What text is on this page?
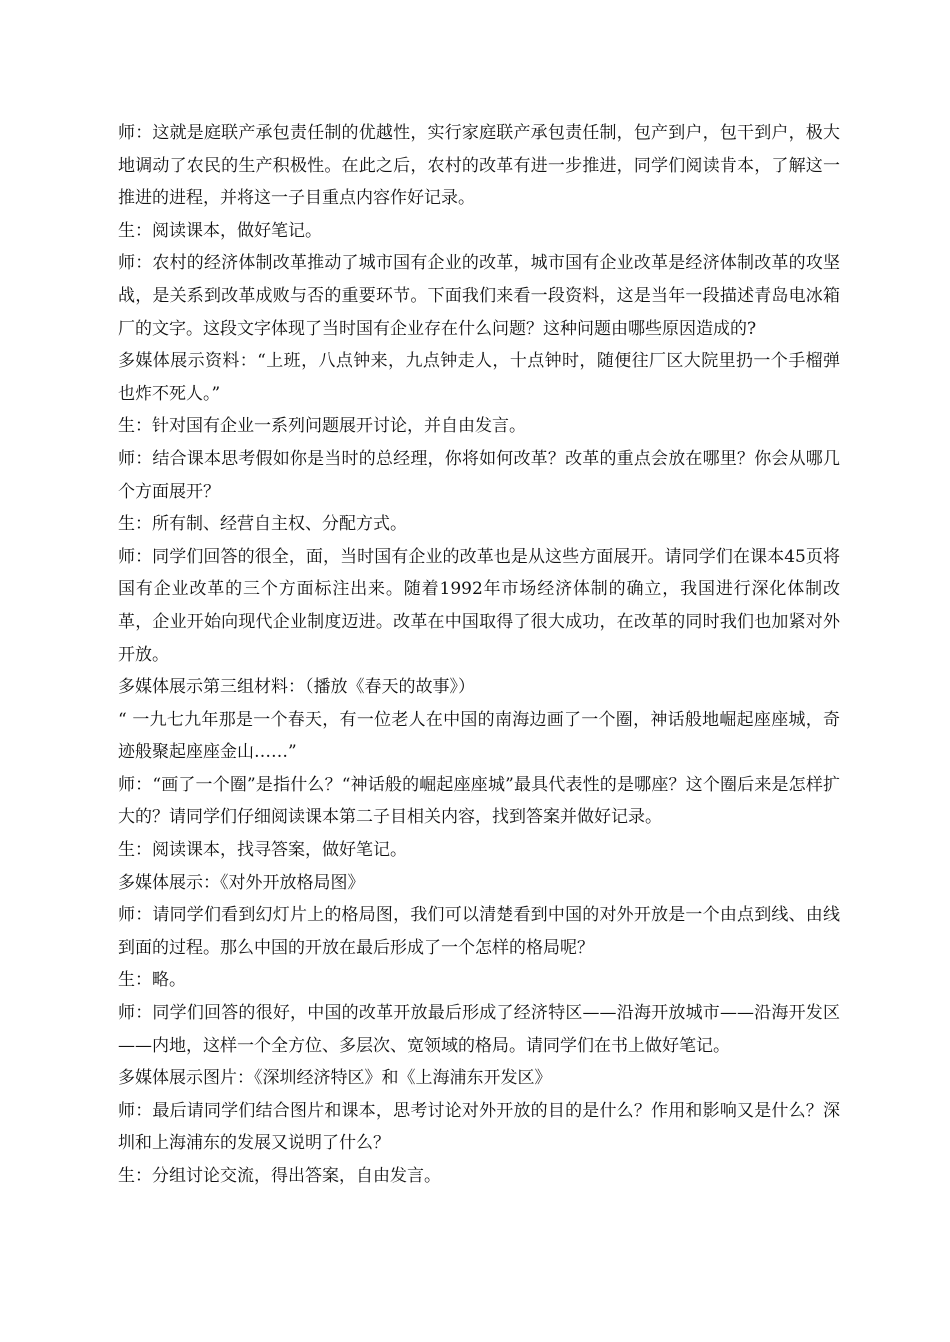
师：这就是庭联产承包责任制的优越性，实行家庭联产承包责任制，包产到户，包干到户，极大地调动了农民的生产积极性。在此之后，农村的改革有进一步推进，同学们阅读肯本，了解这一推进的进程，并将这一子目重点内容作好记录。

生：阅读课本，做好笔记。

师：农村的经济体制改革推动了城市国有企业的改革，城市国有企业改革是经济体制改革的攻坚战，是关系到改革成败与否的重要环节。下面我们来看一段资料，这是当年一段描述青岛电冰箱厂的文字。这段文字体现了当时国有企业存在什么问题？这种问题由哪些原因造成的?

多媒体展示资料：“上班，八点钟来，九点钟走人，十点钟时，随便往厂区大院里扔一个手榴弹也炸不死人。”

生：针对国有企业一系列问题展开讨论，并自由发言。

师：结合课本思考假如你是当时的总经理，你将如何改革？改革的重点会放在哪里？你会从哪几个方面展开？

生：所有制、经营自主权、分配方式。

师：同学们回答的很全，面，当时国有企业的改革也是从这些方面展开。请同学们在课本45页将国有企业改革的三个方面标注出来。随着1992年市场经济体制的确立，我国进行深化体制改革，企业开始向现代企业制度迈进。改革在中国取得了很大成功，在改革的同时我们也加紧对外开放。

多媒体展示第三组材料：（播放《春天的故事》）

“ 一九七九年那是一个春天，有一位老人在中国的南海边画了一个圈，神话般地崛起座座城，奇迹般聚起座座金山……”

师：“画了一个圈”是指什么？“神话般的崛起座座城”最具代表性的是哪座？这个圈后来是怎样扩大的？请同学们仔细阅读课本第二子目相关内容，找到答案并做好记录。

生：阅读课本，找寻答案，做好笔记。

多媒体展示：《对外开放格局图》

师：请同学们看到幻灯片上的格局图，我们可以清楚看到中国的对外开放是一个由点到线、由线到面的过程。那么中国的开放在最后形成了一个怎样的格局呢？

生：略。

师：同学们回答的很好，中国的改革开放最后形成了经济特区——沿海开放城市——沿海开发区——内地，这样一个全方位、多层次、宽领域的格局。请同学们在书上做好笔记。

多媒体展示图片：《深圳经济特区》和《上海浦东开发区》

师：最后请同学们结合图片和课本，思考讨论对外开放的目的是什么？作用和影响又是什么？深圳和上海浦东的发展又说明了什么？

生：分组讨论交流，得出答案，自由发言。
